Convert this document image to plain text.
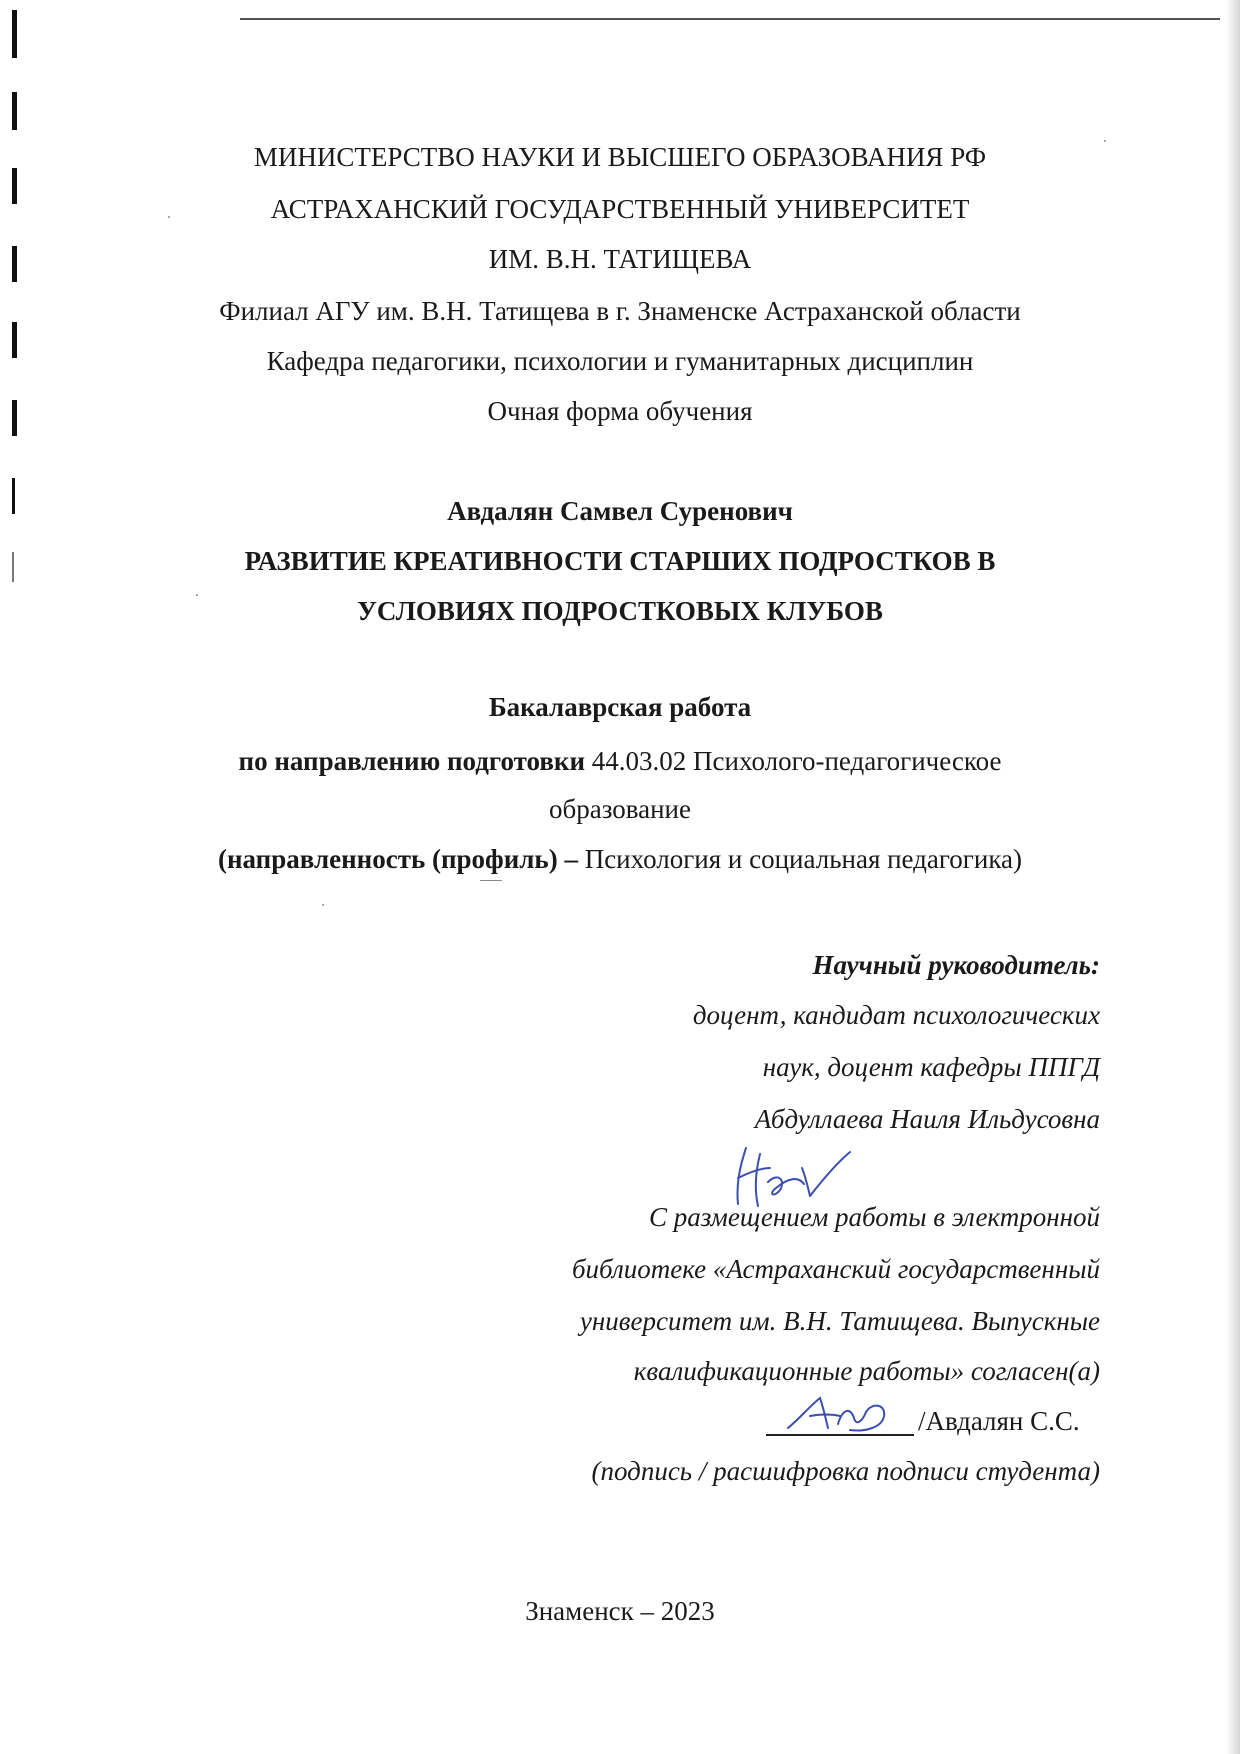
МИНИСТЕРСТВО НАУКИ И ВЫСШЕГО ОБРАЗОВАНИЯ РФ
АСТРАХАНСКИЙ ГОСУДАРСТВЕННЫЙ УНИВЕРСИТЕТ
ИМ. В.Н. ТАТИЩЕВА
Филиал АГУ им. В.Н. Татищева в г. Знаменске Астраханской области
Кафедра педагогики, психологии и гуманитарных дисциплин
Очная форма обучения
Авдалян Самвел Суренович
РАЗВИТИЕ КРЕАТИВНОСТИ СТАРШИХ ПОДРОСТКОВ В
УСЛОВИЯХ ПОДРОСТКОВЫХ КЛУБОВ
Бакалаврская работа
по направлению подготовки 44.03.02 Психолого-педагогическое
образование
(направленность (профиль) – Психология и социальная педагогика)
Научный руководитель:
доцент, кандидат психологических
наук, доцент кафедры ППГД
Абдуллаева Наиля Ильдусовна
С размещением работы в электронной
библиотеке «Астраханский государственный
университет им. В.Н. Татищева. Выпускные
квалификационные работы» согласен(а)
/Авдалян С.С.
(подпись / расшифровка подписи студента)
Знаменск – 2023
